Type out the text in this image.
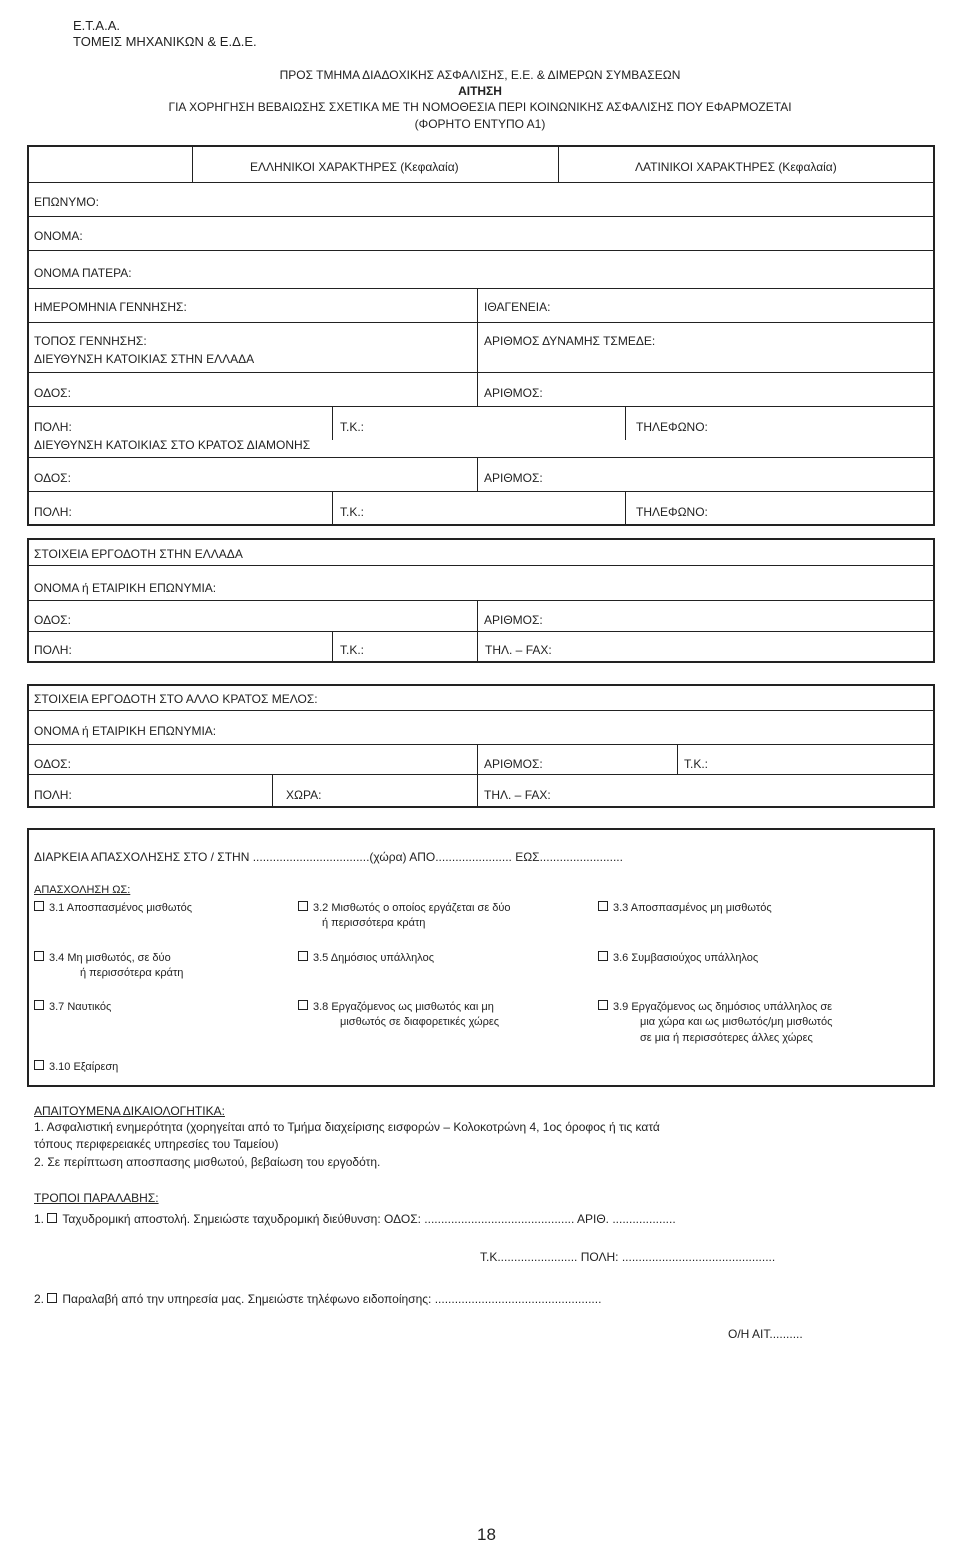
Ε.Τ.Α.Α.
ΤΟΜΕΙΣ ΜΗΧΑΝΙΚΩΝ & Ε.Δ.Ε.
ΠΡΟΣ ΤΜΗΜΑ ΔΙΑΔΟΧΙΚΗΣ ΑΣΦΑΛΙΣΗΣ, Ε.Ε. & ΔΙΜΕΡΩΝ ΣΥΜΒΑΣΕΩΝ
ΑΙΤΗΣΗ
ΓΙΑ ΧΟΡΗΓΗΣΗ ΒΕΒΑΙΩΣΗΣ ΣΧΕΤΙΚΑ ΜΕ ΤΗ ΝΟΜΟΘΕΣΙΑ ΠΕΡΙ ΚΟΙΝΩΝΙΚΗΣ ΑΣΦΑΛΙΣΗΣ ΠΟΥ ΕΦΑΡΜΟΖΕΤΑΙ
(ΦΟΡΗΤΟ ΕΝΤΥΠΟ Α1)
ΕΛΛΗΝΙΚΟΙ ΧΑΡΑΚΤΗΡΕΣ (Κεφαλαία)	ΛΑΤΙΝΙΚΟΙ ΧΑΡΑΚΤΗΡΕΣ (Κεφαλαία)
ΕΠΩΝΥΜΟ:
ΟΝΟΜΑ:
ΟΝΟΜΑ ΠΑΤΕΡΑ:
ΗΜΕΡΟΜΗΝΙΑ ΓΕΝΝΗΣΗΣ:	ΙΘΑΓΕΝΕΙΑ:
ΤΟΠΟΣ ΓΕΝΝΗΣΗΣ:	ΑΡΙΘΜΟΣ ΔΥΝΑΜΗΣ ΤΣΜΕΔΕ:
ΔΙΕΥΘΥΝΣΗ ΚΑΤΟΙΚΙΑΣ ΣΤΗΝ ΕΛΛΑΔΑ
ΟΔΟΣ:	ΑΡΙΘΜΟΣ:
ΠΟΛΗ:	Τ.Κ.:	ΤΗΛΕΦΩΝΟ:
ΔΙΕΥΘΥΝΣΗ ΚΑΤΟΙΚΙΑΣ ΣΤΟ ΚΡΑΤΟΣ ΔΙΑΜΟΝΗΣ
ΟΔΟΣ:	ΑΡΙΘΜΟΣ:
ΠΟΛΗ:	Τ.Κ.:	ΤΗΛΕΦΩΝΟ:
ΣΤΟΙΧΕΙΑ ΕΡΓΟΔΟΤΗ ΣΤΗΝ ΕΛΛΑΔΑ
ΟΝΟΜΑ ή ΕΤΑΙΡΙΚΗ ΕΠΩΝΥΜΙΑ:
ΟΔΟΣ:	ΑΡΙΘΜΟΣ:
ΠΟΛΗ:	Τ.Κ.:	ΤΗΛ. – FAX:
ΣΤΟΙΧΕΙΑ ΕΡΓΟΔΟΤΗ ΣΤΟ ΑΛΛΟ ΚΡΑΤΟΣ ΜΕΛΟΣ:
ΟΝΟΜΑ ή ΕΤΑΙΡΙΚΗ ΕΠΩΝΥΜΙΑ:
ΟΔΟΣ:	ΑΡΙΘΜΟΣ:	Τ.Κ.:
ΠΟΛΗ:	ΧΩΡΑ:	ΤΗΛ. – FAX:
ΔΙΑΡΚΕΙΑ ΑΠΑΣΧΟΛΗΣΗΣ ΣΤΟ / ΣΤΗΝ ...................................(χώρα) ΑΠΟ....................... ΕΩΣ.........................
ΑΠΑΣΧΟΛΗΣΗ ΩΣ:
3.1 Αποσπασμένος μισθωτός	3.2 Μισθωτός ο οποίος εργάζεται σε δύο
ή περισσότερα κράτη
3.3 Αποσπασμένος μη μισθωτός
3.4 Μη μισθωτός, σε δύο
ή περισσότερα κράτη
3.5 Δημόσιος υπάλληλος	3.6 Συμβασιούχος υπάλληλος
3.7 Ναυτικός	3.8 Εργαζόμενος ως μισθωτός και μη
μισθωτός σε διαφορετικές χώρες
3.9 Εργαζόμενος ως δημόσιος υπάλληλος σε
μια χώρα και ως μισθωτός/μη μισθωτός
σε μια ή περισσότερες άλλες χώρες
3.10 Εξαίρεση
ΑΠΑΙΤΟΥΜΕΝΑ ΔΙΚΑΙΟΛΟΓΗΤΙΚΑ:
1. Ασφαλιστική ενημερότητα (χορηγείται από το Τμήμα διαχείρισης εισφορών – Κολοκοτρώνη 4, 1ος όροφος ή τις κατά
τόπους περιφερειακές υπηρεσίες του Ταμείου)
2. Σε περίπτωση αποσπασης μισθωτού, βεβαίωση του εργοδότη.
ΤΡΟΠΟΙ ΠΑΡΑΛΑΒΗΣ:
1. Ταχυδρομική αποστολή. Σημειώστε ταχυδρομική διεύθυνση: ΟΔΟΣ: ............................................. ΑΡΙΘ. ...................
Τ.Κ........................ ΠΟΛΗ: ..............................................
2. Παραλαβή από την υπηρεσία μας. Σημειώστε τηλέφωνο ειδοποίησης: ..................................................
Ο/Η ΑΙΤ..........
18
